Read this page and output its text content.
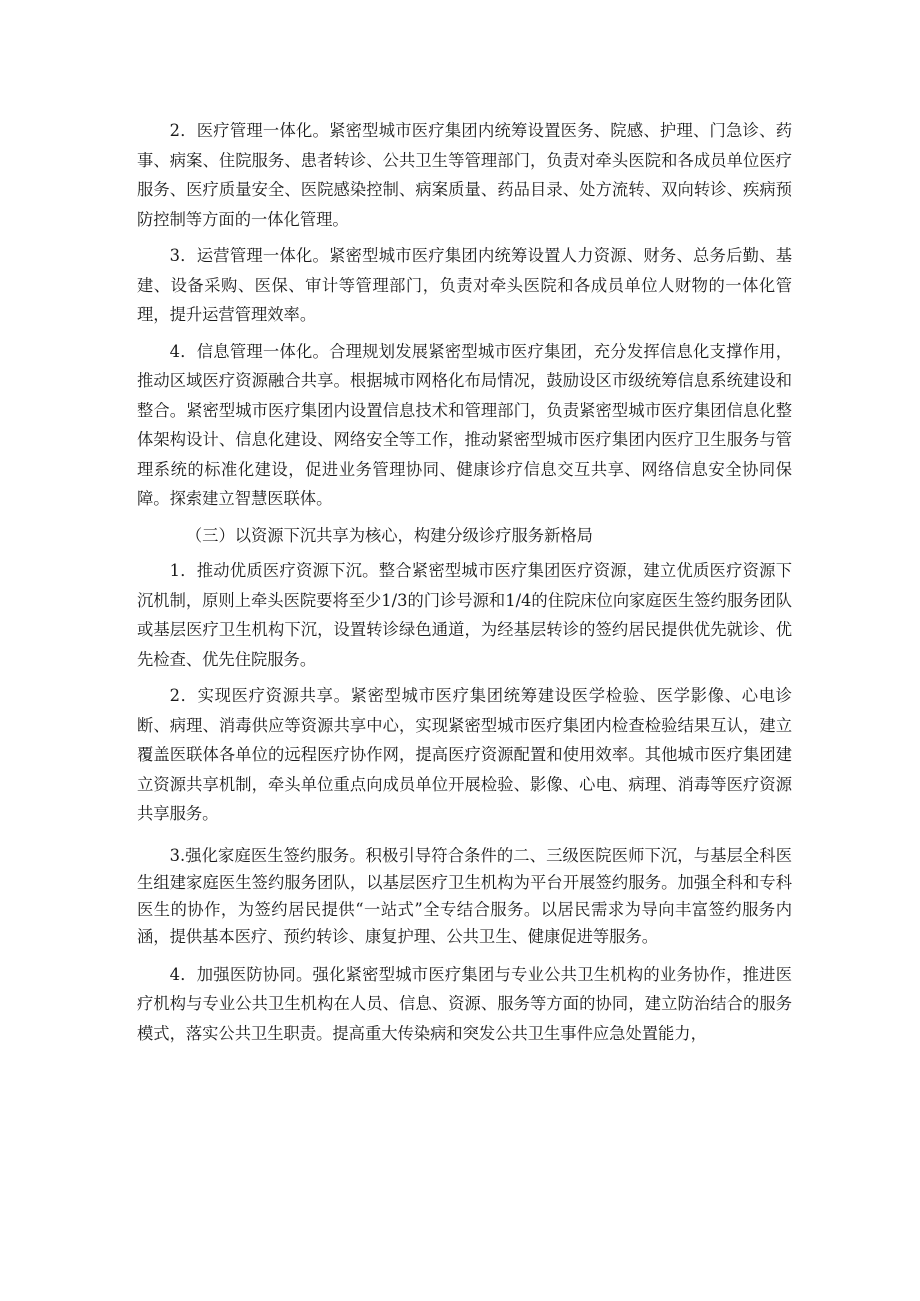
2．医疗管理一体化。紧密型城市医疗集团内统筹设置医务、院感、护理、门急诊、药事、病案、住院服务、患者转诊、公共卫生等管理部门，负责对牵头医院和各成员单位医疗服务、医疗质量安全、医院感染控制、病案质量、药品目录、处方流转、双向转诊、疾病预防控制等方面的一体化管理。

3．运营管理一体化。紧密型城市医疗集团内统筹设置人力资源、财务、总务后勤、基建、设备采购、医保、审计等管理部门，负责对牵头医院和各成员单位人财物的一体化管理，提升运营管理效率。

4．信息管理一体化。合理规划发展紧密型城市医疗集团，充分发挥信息化支撑作用，推动区域医疗资源融合共享。根据城市网格化布局情况，鼓励设区市级统筹信息系统建设和整合。紧密型城市医疗集团内设置信息技术和管理部门，负责紧密型城市医疗集团信息化整体架构设计、信息化建设、网络安全等工作，推动紧密型城市医疗集团内医疗卫生服务与管理系统的标准化建设，促进业务管理协同、健康诊疗信息交互共享、网络信息安全协同保障。探索建立智慧医联体。

（三）以资源下沉共享为核心，构建分级诊疗服务新格局

1．推动优质医疗资源下沉。整合紧密型城市医疗集团医疗资源，建立优质医疗资源下沉机制，原则上牵头医院要将至少1/3的门诊号源和1/4的住院床位向家庭医生签约服务团队或基层医疗卫生机构下沉，设置转诊绿色通道，为经基层转诊的签约居民提供优先就诊、优先检查、优先住院服务。

2．实现医疗资源共享。紧密型城市医疗集团统筹建设医学检验、医学影像、心电诊断、病理、消毒供应等资源共享中心，实现紧密型城市医疗集团内检查检验结果互认，建立覆盖医联体各单位的远程医疗协作网，提高医疗资源配置和使用效率。其他城市医疗集团建立资源共享机制，牵头单位重点向成员单位开展检验、影像、心电、病理、消毒等医疗资源共享服务。

3.强化家庭医生签约服务。积极引导符合条件的二、三级医院医师下沉，与基层全科医生组建家庭医生签约服务团队，以基层医疗卫生机构为平台开展签约服务。加强全科和专科医生的协作，为签约居民提供“一站式”全专结合服务。以居民需求为导向丰富签约服务内涵，提供基本医疗、预约转诊、康复护理、公共卫生、健康促进等服务。

4．加强医防协同。强化紧密型城市医疗集团与专业公共卫生机构的业务协作，推进医疗机构与专业公共卫生机构在人员、信息、资源、服务等方面的协同，建立防治结合的服务模式，落实公共卫生职责。提高重大传染病和突发公共卫生事件应急处置能力，
